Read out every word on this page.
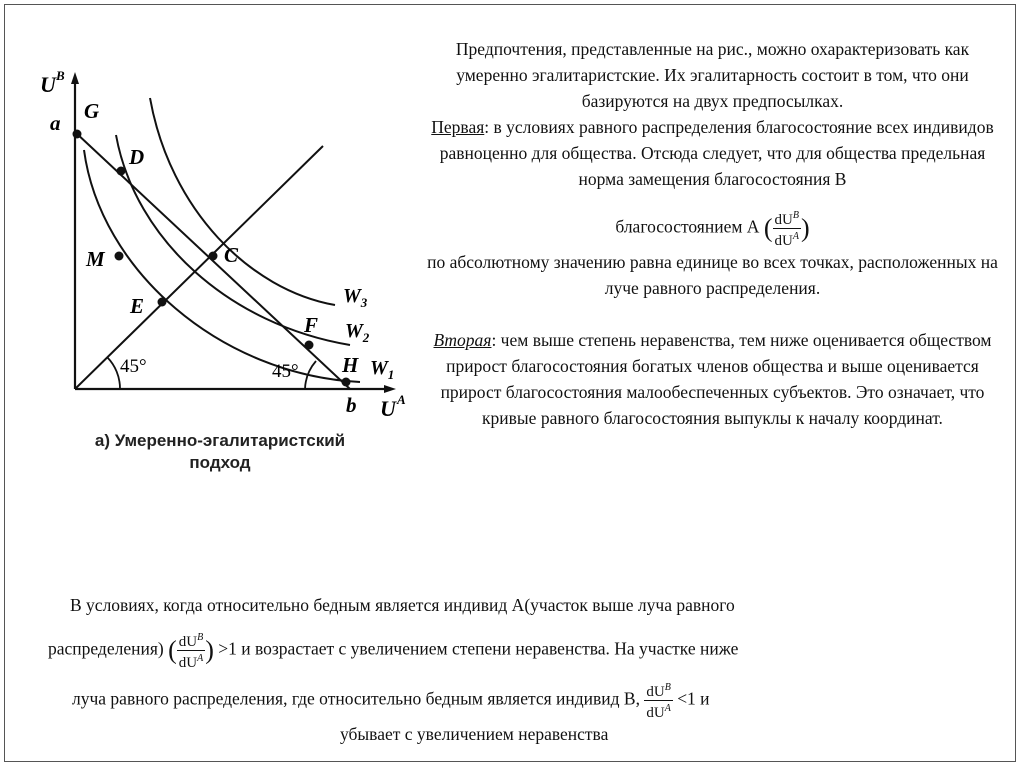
U B
U A
a G
D
M	C
E
F
H
b
$W_3$
$W_2$
$W_1$
45°	45°
а) Умеренно-эгалитаристский
подход

Предпочтения, представленные на рис., можно охарактеризовать как умеренно эгалитаристские. Их эгалитарность состоит в том, что они базируются на двух предпосылках.

Первая: в условиях равного распределения благосостояние всех индивидов равноценно для общества. Отсюда следует, что для общества предельная норма замещения благосостояния В

благосостоянием А ( $\frac{dU^B}{dU^A}$ )

по абсолютному значению равна единице во всех точках, расположенных на луче равного распределения.

Вторая: чем выше степень неравенства, тем ниже оценивается обществом прирост благосостояния богатых членов общества и выше оценивается прирост благосостояния малообеспеченных субъектов. Это означает, что кривые равного благосостояния выпуклы к началу координат.

В условиях, когда относительно бедным является индивид А(участок выше луча равного

распределения) ( $\frac{dU^B}{dU^A}$ ) >1 и возрастает с увеличением степени неравенства. На участке ниже

луча равного распределения, где относительно бедным является индивид В, $\frac{dU^B}{dU^A} <1$ и

убывает с увеличением неравенства
